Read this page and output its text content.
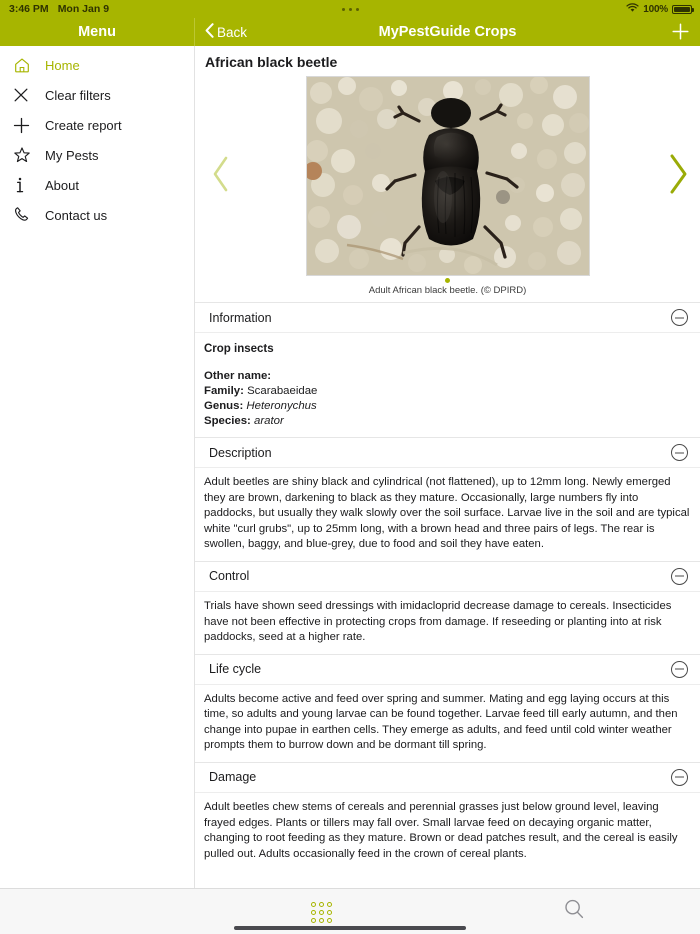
3:46 PM Mon Jan 9	100%
Menu	Back	MyPestGuide Crops
Home
Clear filters
Create report
My Pests
About
Contact us
African black beetle
Adult African black beetle. (© DPIRD)
Information
Crop insects
Other name:
Family: Scarabaeidae
Genus: Heteronychus
Species: arator
Description
Adult beetles are shiny black and cylindrical (not flattened), up to 12mm long. Newly emerged they are brown, darkening to black as they mature. Occasionally, large numbers fly into paddocks, but usually they walk slowly over the soil surface. Larvae live in the soil and are typical white "curl grubs", up to 25mm long, with a brown head and three pairs of legs. The rear is swollen, baggy, and blue-grey, due to food and soil they have eaten.
Control
Trials have shown seed dressings with imidacloprid decrease damage to cereals. Insecticides have not been effective in protecting crops from damage. If reseeding or planting into at risk paddocks, seed at a higher rate.
Life cycle
Adults become active and feed over spring and summer. Mating and egg laying occurs at this time, so adults and young larvae can be found together. Larvae feed till early autumn, and then change into pupae in earthen cells. They emerge as adults, and feed until cold winter weather prompts them to burrow down and be dormant till spring.
Damage
Adult beetles chew stems of cereals and perennial grasses just below ground level, leaving frayed edges. Plants or tillers may fall over. Small larvae feed on decaying organic matter, changing to root feeding as they mature. Brown or dead patches result, and the cereal is easily pulled out. Adults occasionally feed in the crown of cereal plants.
